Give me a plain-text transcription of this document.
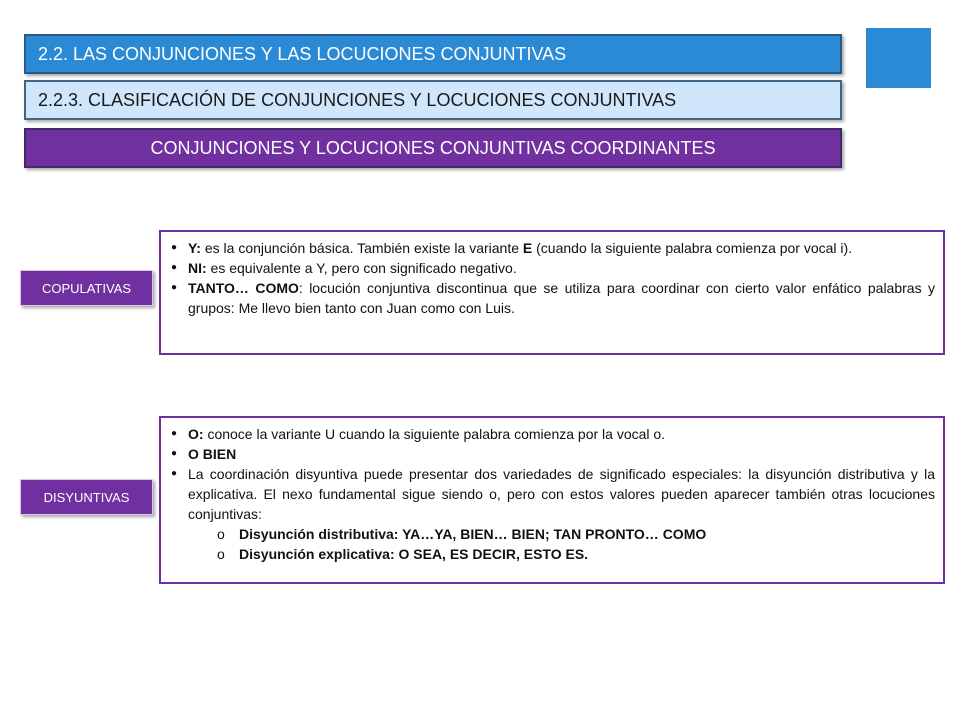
2.2. LAS CONJUNCIONES Y LAS LOCUCIONES CONJUNTIVAS
2.2.3. CLASIFICACIÓN DE CONJUNCIONES Y LOCUCIONES CONJUNTIVAS
CONJUNCIONES Y LOCUCIONES CONJUNTIVAS COORDINANTES
COPULATIVAS
● Y: es la conjunción básica. También existe la variante E (cuando la siguiente palabra comienza por vocal i).
● NI: es equivalente a Y, pero con significado negativo.
● TANTO… COMO: locución conjuntiva discontinua que se utiliza para coordinar con cierto valor enfático palabras y grupos: Me llevo bien tanto con Juan como con Luis.
DISYUNTIVAS
● O: conoce la variante U cuando la siguiente palabra comienza por la vocal o.
● O BIEN
● La coordinación disyuntiva puede presentar dos variedades de significado especiales: la disyunción distributiva y la explicativa. El nexo fundamental sigue siendo o, pero con estos valores pueden aparecer también otras locuciones conjuntivas:
o Disyunción distributiva: YA…YA, BIEN… BIEN; TAN PRONTO… COMO
o Disyunción explicativa: O SEA, ES DECIR, ESTO ES.
